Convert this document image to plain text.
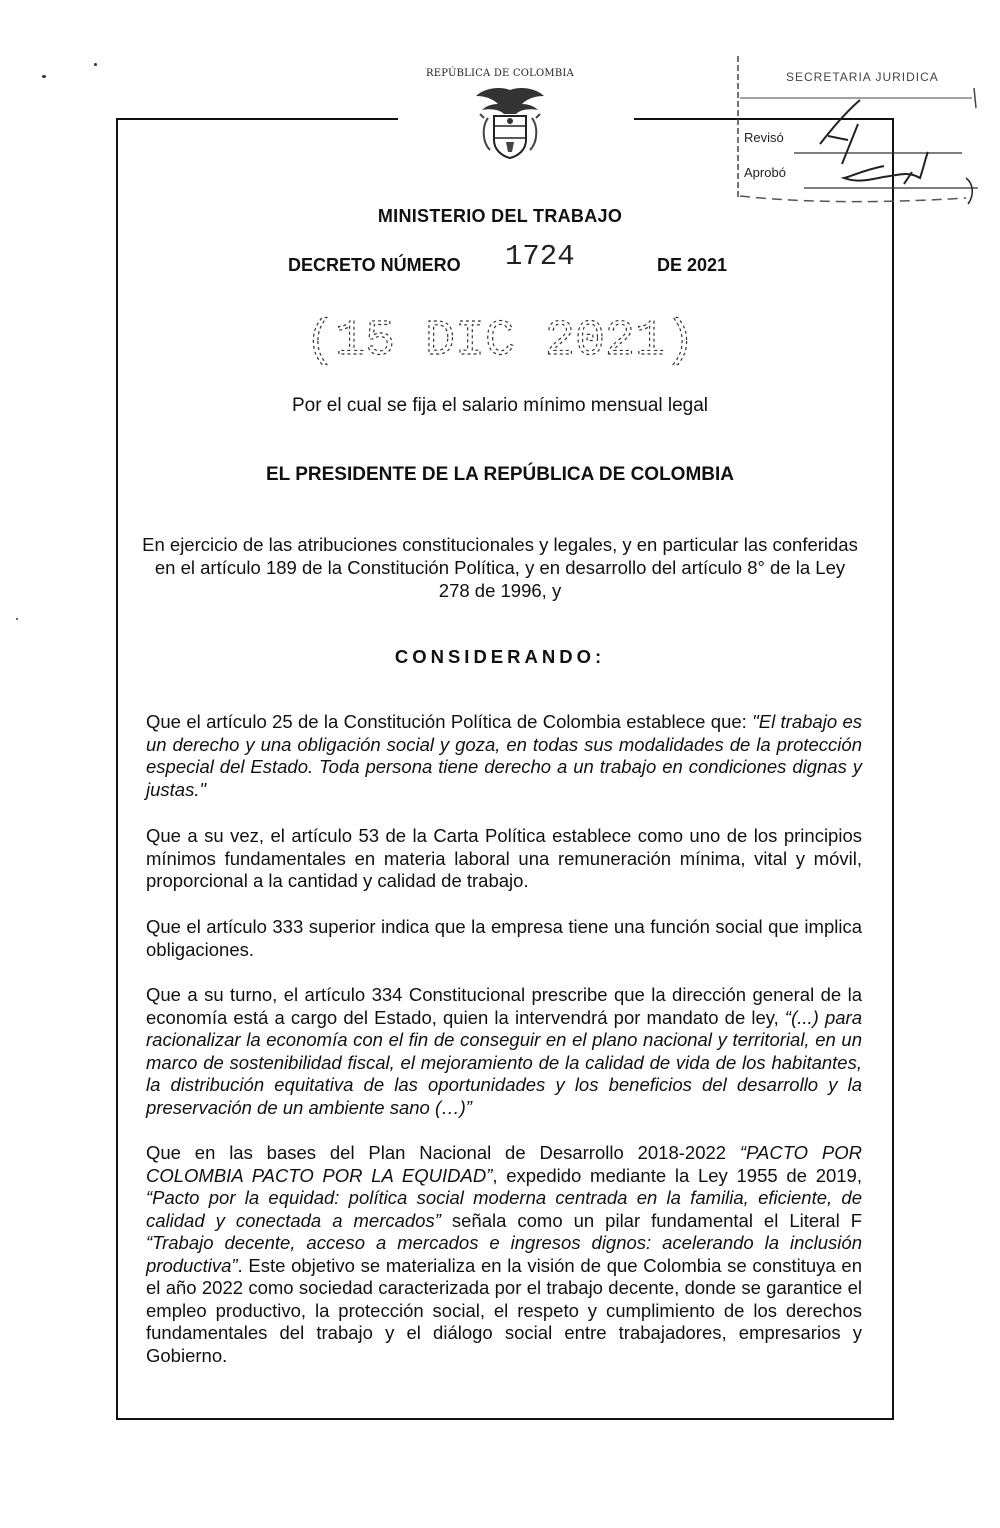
REPÚBLICA DE COLOMBIA	SECRETARIA JURIDICA
Revisó
Aprobó
MINISTERIO DEL TRABAJO
DECRETO NÚMERO 1724	DE 2021
(15 DIC 2021)
Por el cual se fija el salario mínimo mensual legal
EL PRESIDENTE DE LA REPÚBLICA DE COLOMBIA
En ejercicio de las atribuciones constitucionales y legales, y en particular las conferidas en el artículo 189 de la Constitución Política, y en desarrollo del artículo 8° de la Ley 278 de 1996, y
CONSIDERANDO:
Que el artículo 25 de la Constitución Política de Colombia establece que: "El trabajo es un derecho y una obligación social y goza, en todas sus modalidades de la protección especial del Estado. Toda persona tiene derecho a un trabajo en condiciones dignas y justas."
Que a su vez, el artículo 53 de la Carta Política establece como uno de los principios mínimos fundamentales en materia laboral una remuneración mínima, vital y móvil, proporcional a la cantidad y calidad de trabajo.
Que el artículo 333 superior indica que la empresa tiene una función social que implica obligaciones.
Que a su turno, el artículo 334 Constitucional prescribe que la dirección general de la economía está a cargo del Estado, quien la intervendrá por mandato de ley, “(...) para racionalizar la economía con el fin de conseguir en el plano nacional y territorial, en un marco de sostenibilidad fiscal, el mejoramiento de la calidad de vida de los habitantes, la distribución equitativa de las oportunidades y los beneficios del desarrollo y la preservación de un ambiente sano (…)”
Que en las bases del Plan Nacional de Desarrollo 2018-2022 “PACTO POR COLOMBIA PACTO POR LA EQUIDAD”, expedido mediante la Ley 1955 de 2019, “Pacto por la equidad: política social moderna centrada en la familia, eficiente, de calidad y conectada a mercados” señala como un pilar fundamental el Literal F “Trabajo decente, acceso a mercados e ingresos dignos: acelerando la inclusión productiva”. Este objetivo se materializa en la visión de que Colombia se constituya en el año 2022 como sociedad caracterizada por el trabajo decente, donde se garantice el empleo productivo, la protección social, el respeto y cumplimiento de los derechos fundamentales del trabajo y el diálogo social entre trabajadores, empresarios y Gobierno.
